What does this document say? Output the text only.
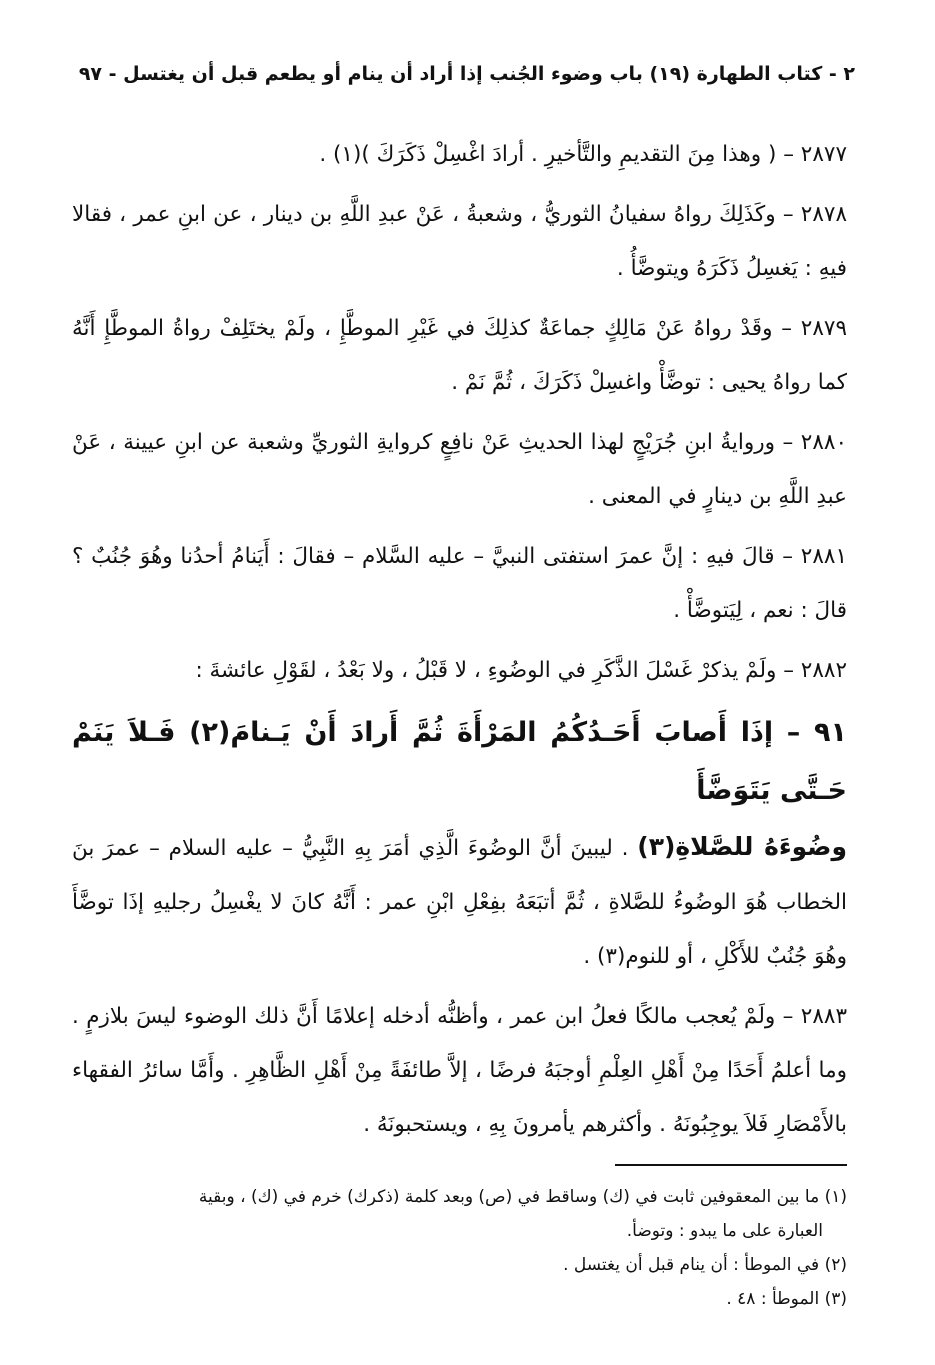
٢ - كتاب الطهارة (١٩) باب وضوء الجُنب إذا أراد أن ينام أو يطعم قبل أن يغتسل - ٩٧

٢٨٧٧ – ( وهذا مِنَ التقديمِ والتَّأخيرِ . أرادَ اغْسِلْ ذَكَرَكَ )(١) .

٢٨٧٨ – وكَذَلِكَ رواهُ سفيانُ الثوريُّ ، وشعبةُ ، عَنْ عبدِ اللَّهِ بن دينار ، عن ابنِ عمر ، فقالا فيهِ : يَغسِلُ ذَكَرَهُ ويتوضَّأُ .

٢٨٧٩ – وقَدْ رواهُ عَنْ مَالِكٍ جماعَةٌ كذلِكَ في غَيْرِ الموطَّإِ ، ولَمْ يختَلِفْ رواةُ الموطَّإِ أَنَّهُ كما رواهُ يحيى : توضَّأْ واغسِلْ ذَكَرَكَ ، ثُمَّ نَمْ .

٢٨٨٠ – وروايةُ ابنِ جُرَيْجٍ لهذا الحديثِ عَنْ نافِعٍ كروايةِ الثوريِّ وشعبة عن ابنِ عيينة ، عَنْ عبدِ اللَّهِ بن دينارٍ في المعنى .

٢٨٨١ – قالَ فيهِ : إنَّ عمرَ استفتى النبيَّ – عليه السَّلام – فقالَ : أَيَنامُ أحدُنا وهُوَ جُنُبٌ ؟ قالَ : نعم ، لِيَتوضَّأْ .

٢٨٨٢ – ولَمْ يذكرْ غَسْلَ الذَّكَرِ في الوضُوءِ ، لا قَبْلُ ، ولا بَعْدُ ، لقَوْلِ عائشةَ :

٩١ – إذَا أَصابَ أَحَـدُكُمُ المَرْأَةَ ثُمَّ أَرادَ أَنْ يَـنامَ(٢) فَـلاَ يَنَمْ حَـتَّى يَتَوَضَّأَ

وضُوءَهُ للصَّلاةِ(٣) . ليبينَ أنَّ الوضُوءَ الَّذِي أمَرَ بِهِ النَّبِيُّ – عليه السلام – عمرَ بنَ الخطاب هُوَ الوضُوءُ للصَّلاةِ ، ثُمَّ أتبَعَهُ بفِعْلِ ابْنِ عمر : أَنَّهُ كانَ لا يغْسِلُ رجليهِ إذَا توضَّأَ وهُوَ جُنُبٌ للأَكْلِ ، أو للنوم(٣) .

٢٨٨٣ – ولَمْ يُعجب مالكًا فعلُ ابن عمر ، وأظنُّه أدخله إعلامًا أَنَّ ذلك الوضوء ليسَ بلازمٍ . وما أعلمُ أَحَدًا مِنْ أَهْلِ العِلْمِ أوجبَهُ فرضًا ، إلاَّ طائفَةً مِنْ أَهْلِ الظَّاهِرِ . وأَمَّا سائرُ الفقهاء بالأَمْصَارِ فَلاَ يوجِبُونَهُ . وأكثرهم يأمرونَ بِهِ ، ويستحبونَهُ .

(١) ما بين المعقوفين ثابت في (ك) وساقط في (ص) وبعد كلمة (ذكرك) خرم في (ك) ، وبقية

العبارة على ما يبدو : وتوضأ.

(٢) في الموطأ : أن ينام قبل أن يغتسل .

(٣) الموطأ : ٤٨ .
